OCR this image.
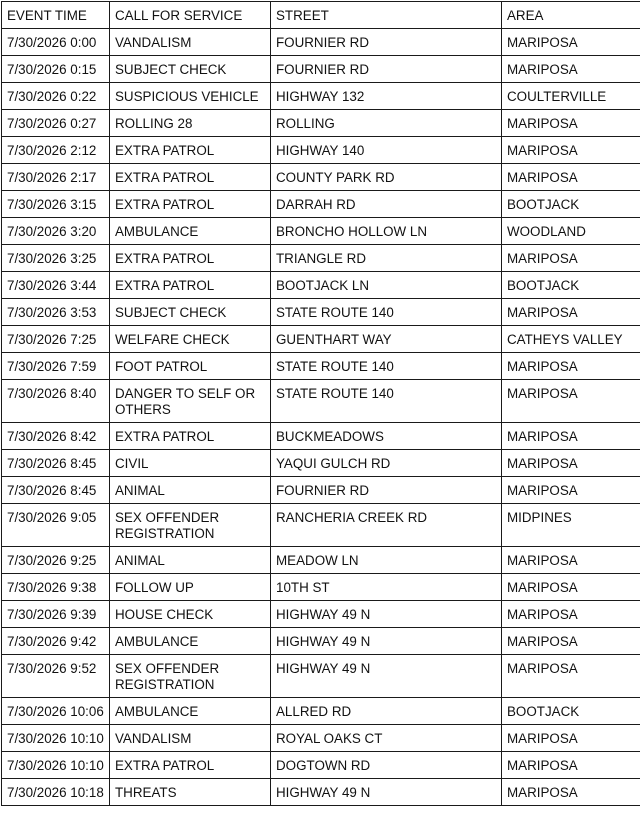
EVENT TIME	CALL FOR SERVICE	STREET	AREA
7/30/2026 0:00	VANDALISM	FOURNIER RD	MARIPOSA
7/30/2026 0:15	SUBJECT CHECK	FOURNIER RD	MARIPOSA
7/30/2026 0:22	SUSPICIOUS VEHICLE	HIGHWAY 132	COULTERVILLE
7/30/2026 0:27	ROLLING 28	ROLLING	MARIPOSA
7/30/2026 2:12	EXTRA PATROL	HIGHWAY 140	MARIPOSA
7/30/2026 2:17	EXTRA PATROL	COUNTY PARK RD	MARIPOSA
7/30/2026 3:15	EXTRA PATROL	DARRAH RD	BOOTJACK
7/30/2026 3:20	AMBULANCE	BRONCHO HOLLOW LN	WOODLAND
7/30/2026 3:25	EXTRA PATROL	TRIANGLE RD	MARIPOSA
7/30/2026 3:44	EXTRA PATROL	BOOTJACK LN	BOOTJACK
7/30/2026 3:53	SUBJECT CHECK	STATE ROUTE 140	MARIPOSA
7/30/2026 7:25	WELFARE CHECK	GUENTHART WAY	CATHEYS VALLEY
7/30/2026 7:59	FOOT PATROL	STATE ROUTE 140	MARIPOSA
7/30/2026 8:40	DANGER TO SELF OR OTHERS	STATE ROUTE 140	MARIPOSA
7/30/2026 8:42	EXTRA PATROL	BUCKMEADOWS	MARIPOSA
7/30/2026 8:45	CIVIL	YAQUI GULCH RD	MARIPOSA
7/30/2026 8:45	ANIMAL	FOURNIER RD	MARIPOSA
7/30/2026 9:05	SEX OFFENDER REGISTRATION	RANCHERIA CREEK RD	MIDPINES
7/30/2026 9:25	ANIMAL	MEADOW LN	MARIPOSA
7/30/2026 9:38	FOLLOW UP	10TH ST	MARIPOSA
7/30/2026 9:39	HOUSE CHECK	HIGHWAY 49 N	MARIPOSA
7/30/2026 9:42	AMBULANCE	HIGHWAY 49 N	MARIPOSA
7/30/2026 9:52	SEX OFFENDER REGISTRATION	HIGHWAY 49 N	MARIPOSA
7/30/2026 10:06	AMBULANCE	ALLRED RD	BOOTJACK
7/30/2026 10:10	VANDALISM	ROYAL OAKS CT	MARIPOSA
7/30/2026 10:10	EXTRA PATROL	DOGTOWN RD	MARIPOSA
7/30/2026 10:18	THREATS	HIGHWAY 49 N	MARIPOSA
